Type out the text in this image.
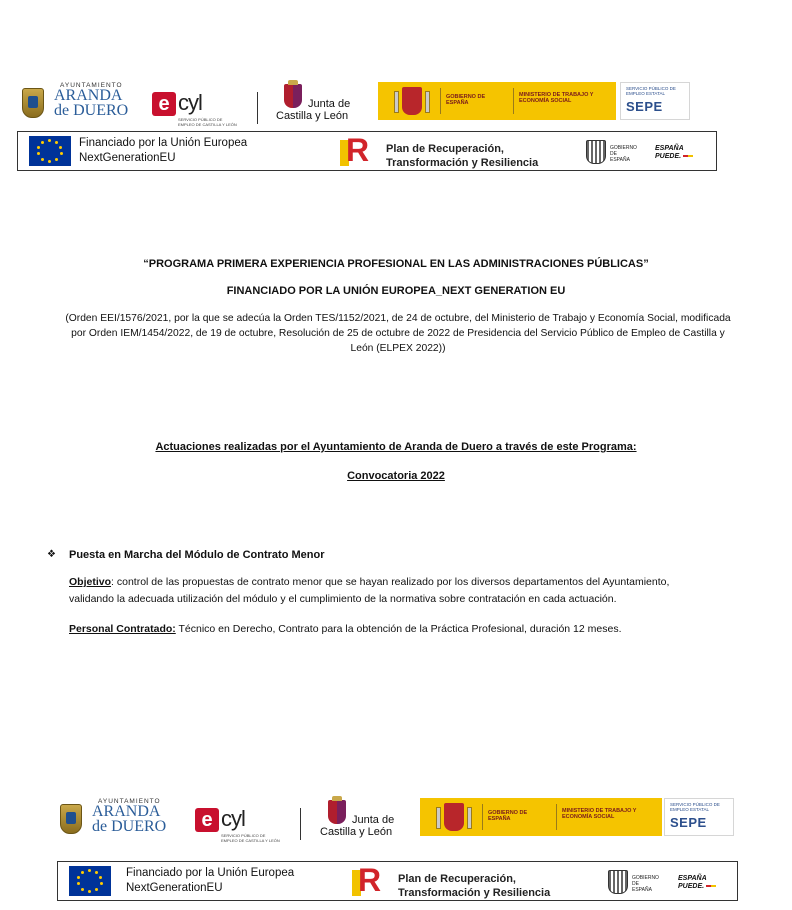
AYUNTAMIENTO
ARANDA
de DUERO	e cyl
SERVICIO PÚBLICO DE EMPLEO DE CASTILLA Y LEÓN
Junta de
Castilla y León
GOBIERNO DE ESPAÑA
MINISTERIO DE TRABAJO Y ECONOMÍA SOCIAL
SERVICIO PÚBLICO DE EMPLEO ESTATAL
SEPE
Financiado por la Unión Europea
NextGenerationEU	R Plan de Recuperación,
Transformación y Resiliencia
GOBIERNO DE ESPAÑA
ESPAÑA
PUEDE.
“PROGRAMA PRIMERA EXPERIENCIA PROFESIONAL EN LAS ADMINISTRACIONES PÚBLICAS”
FINANCIADO POR LA UNIÓN EUROPEA_NEXT GENERATION EU
(Orden EEI/1576/2021, por la que se adecúa la Orden TES/1152/2021, de 24 de octubre, del Ministerio de Trabajo y Economía Social, modificada
por Orden IEM/1454/2022, de 19 de octubre, Resolución de 25 de octubre de 2022 de Presidencia del Servicio Público de Empleo de Castilla y
León (ELPEX 2022))
Actuaciones realizadas por el Ayuntamiento de Aranda de Duero a través de este Programa:
Convocatoria 2022
❖ Puesta en Marcha del Módulo de Contrato Menor
Objetivo: control de las propuestas de contrato menor que se hayan realizado por los diversos departamentos del Ayuntamiento,
validando la adecuada utilización del módulo y el cumplimiento de la normativa sobre contratación en cada actuación.
Personal Contratado: Técnico en Derecho, Contrato para la obtención de la Práctica Profesional, duración 12 meses.
AYUNTAMIENTO
ARANDA
de DUERO	e cyl
SERVICIO PÚBLICO DE EMPLEO DE CASTILLA Y LEÓN
Junta de
Castilla y León
GOBIERNO DE ESPAÑA
MINISTERIO DE TRABAJO Y ECONOMÍA SOCIAL
SERVICIO PÚBLICO DE EMPLEO ESTATAL
SEPE
Financiado por la Unión Europea
NextGenerationEU	R Plan de Recuperación,
Transformación y Resiliencia
GOBIERNO DE ESPAÑA
ESPAÑA
PUEDE.
